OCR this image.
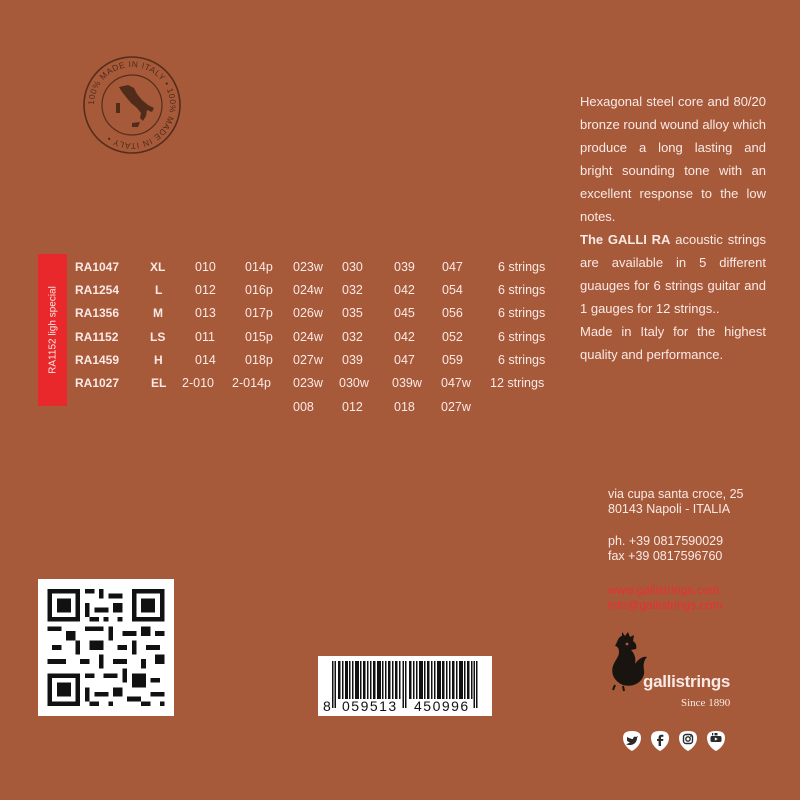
100% MADE IN ITALY • 100% MADE IN ITALY •
RA1152 ligh special
RA1047	XL 010 014p 023w 030 039 047	6 strings
RA1254	L	012 016p 024w 032 042 054	6 strings
RA1356	M	013 017p 026w 035 045 056	6 strings
RA1152	LS 011 015p 024w 032 042 052	6 strings
RA1459	H	014 018p 027w 039 047 059	6 strings
RA1027	EL 2-010 2-014p 023w 030w 039w 047w 12 strings
008 012 018 027w

Hexagonal steel core and 80/20 bronze round wound alloy which produce a long lasting and bright sounding tone with an excellent response to the low notes.

The GALLI RA acoustic strings are available in 5 different guauges for 6 strings guitar and 1 gauges for 12 strings..

Made in Italy for the highest quality and performance.

via cupa santa croce, 25
80143 Napoli - ITALIA
ph. +39 0817590029
fax +39 0817596760
www.gallistrings.com
info@gallistrings.com
8 059513 450996
gallistrings
Since 1890
